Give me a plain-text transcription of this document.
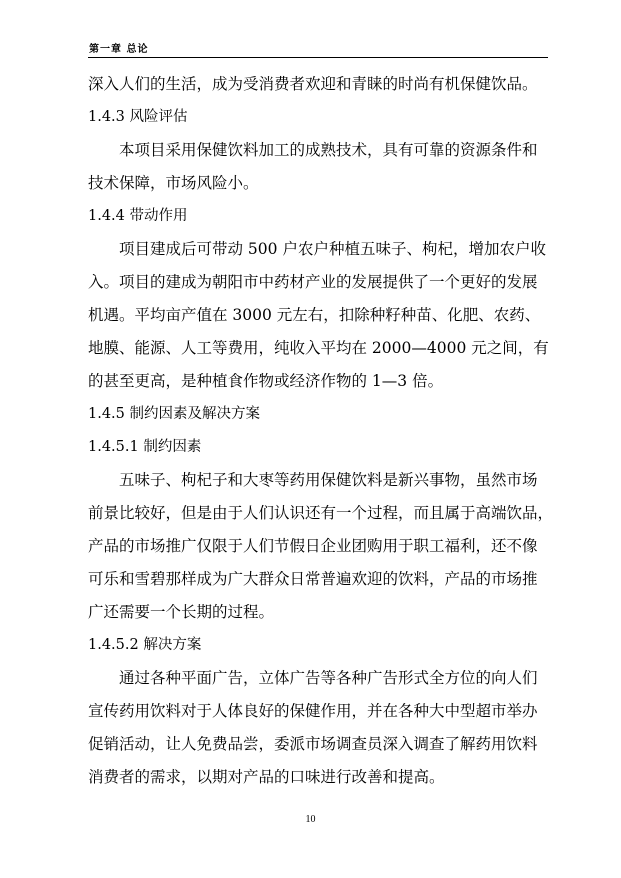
第一章 总论
深入人们的生活，成为受消费者欢迎和青睐的时尚有机保健饮品。
1.4.3 风险评估
本项目采用保健饮料加工的成熟技术，具有可靠的资源条件和
技术保障，市场风险小。
1.4.4 带动作用
项目建成后可带动 500 户农户种植五味子、枸杞，增加农户收
入。项目的建成为朝阳市中药材产业的发展提供了一个更好的发展
机遇。平均亩产值在 3000 元左右，扣除种籽种苗、化肥、农药、
地膜、能源、人工等费用，纯收入平均在 2000—4000 元之间，有
的甚至更高，是种植食作物或经济作物的 1—3 倍。
1.4.5 制约因素及解决方案
1.4.5.1 制约因素
五味子、枸杞子和大枣等药用保健饮料是新兴事物，虽然市场
前景比较好，但是由于人们认识还有一个过程，而且属于高端饮品，
产品的市场推广仅限于人们节假日企业团购用于职工福利，还不像
可乐和雪碧那样成为广大群众日常普遍欢迎的饮料，产品的市场推
广还需要一个长期的过程。
1.4.5.2 解决方案
通过各种平面广告，立体广告等各种广告形式全方位的向人们
宣传药用饮料对于人体良好的保健作用，并在各种大中型超市举办
促销活动，让人免费品尝，委派市场调查员深入调查了解药用饮料
消费者的需求，以期对产品的口味进行改善和提高。
10
